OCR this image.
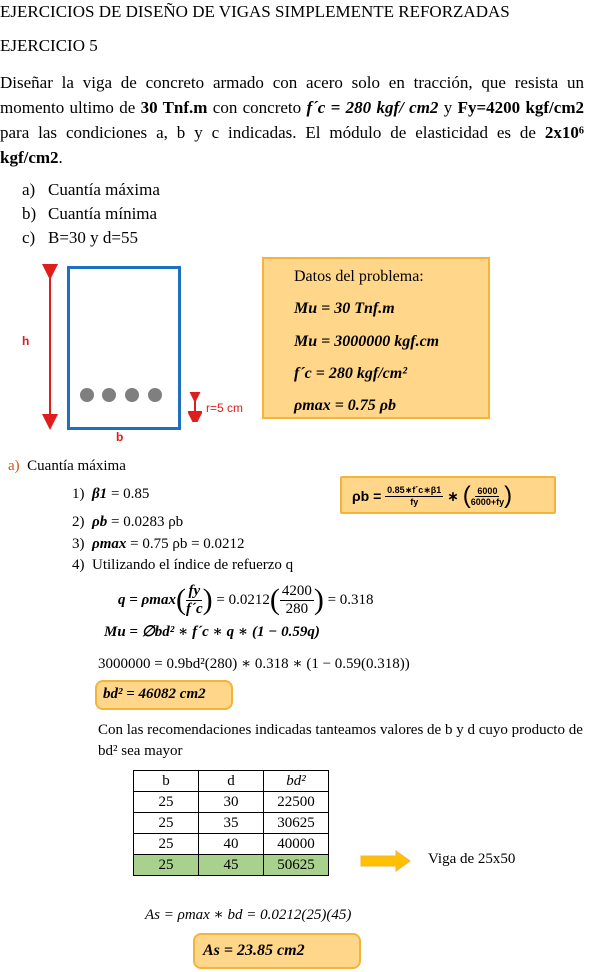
EJERCICIOS DE DISEÑO DE VIGAS SIMPLEMENTE REFORZADAS
EJERCICIO 5
Diseñar la viga de concreto armado con acero solo en tracción, que resista un momento ultimo de 30 Tnf.m con concreto f´c = 280 kgf/ cm2 y Fy=4200 kgf/cm2 para las condiciones a, b y c indicadas. El módulo de elasticidad es de 2x10⁶ kgf/cm2.
a) Cuantía máxima
b) Cuantía mínima
c) B=30 y d=55
h
r=5 cm
b
Datos del problema:
Mu = 30 Tnf.m
Mu = 3000000 kgf.cm
f´c = 280 kgf/cm²
ρmax = 0.75 ρb
a) Cuantía máxima
ρb =
$\frac{0.85∗f´c∗\beta 1}{fy}$
∗
( $\frac{6000}{6000+fy}$ )
1) β1 = 0.85
2) ρb = 0.0283 ρb
3) ρmax = 0.75 ρb = 0.0212
4) Utilizando el índice de refuerzo q
q = ρmax ( $\frac{fy}{f´c}$ )
= 0.0212 ( $\frac{4200}{280}$ )
= 0.318
Mu = ∅bd² ∗ f´c ∗ q ∗ (1 − 0.59q)
3000000 = 0.9bd²(280) ∗ 0.318 ∗ (1 − 0.59(0.318))
bd² = 46082 cm2
Con las recomendaciones indicadas tanteamos valores de b y d cuyo producto de bd² sea mayor
b	d	bd²
25	30	22500
25	35	30625
25	40	40000
25	45	50625	Viga de 25x50
As = ρmax ∗ bd = 0.0212(25)(45)
As = 23.85 cm2
